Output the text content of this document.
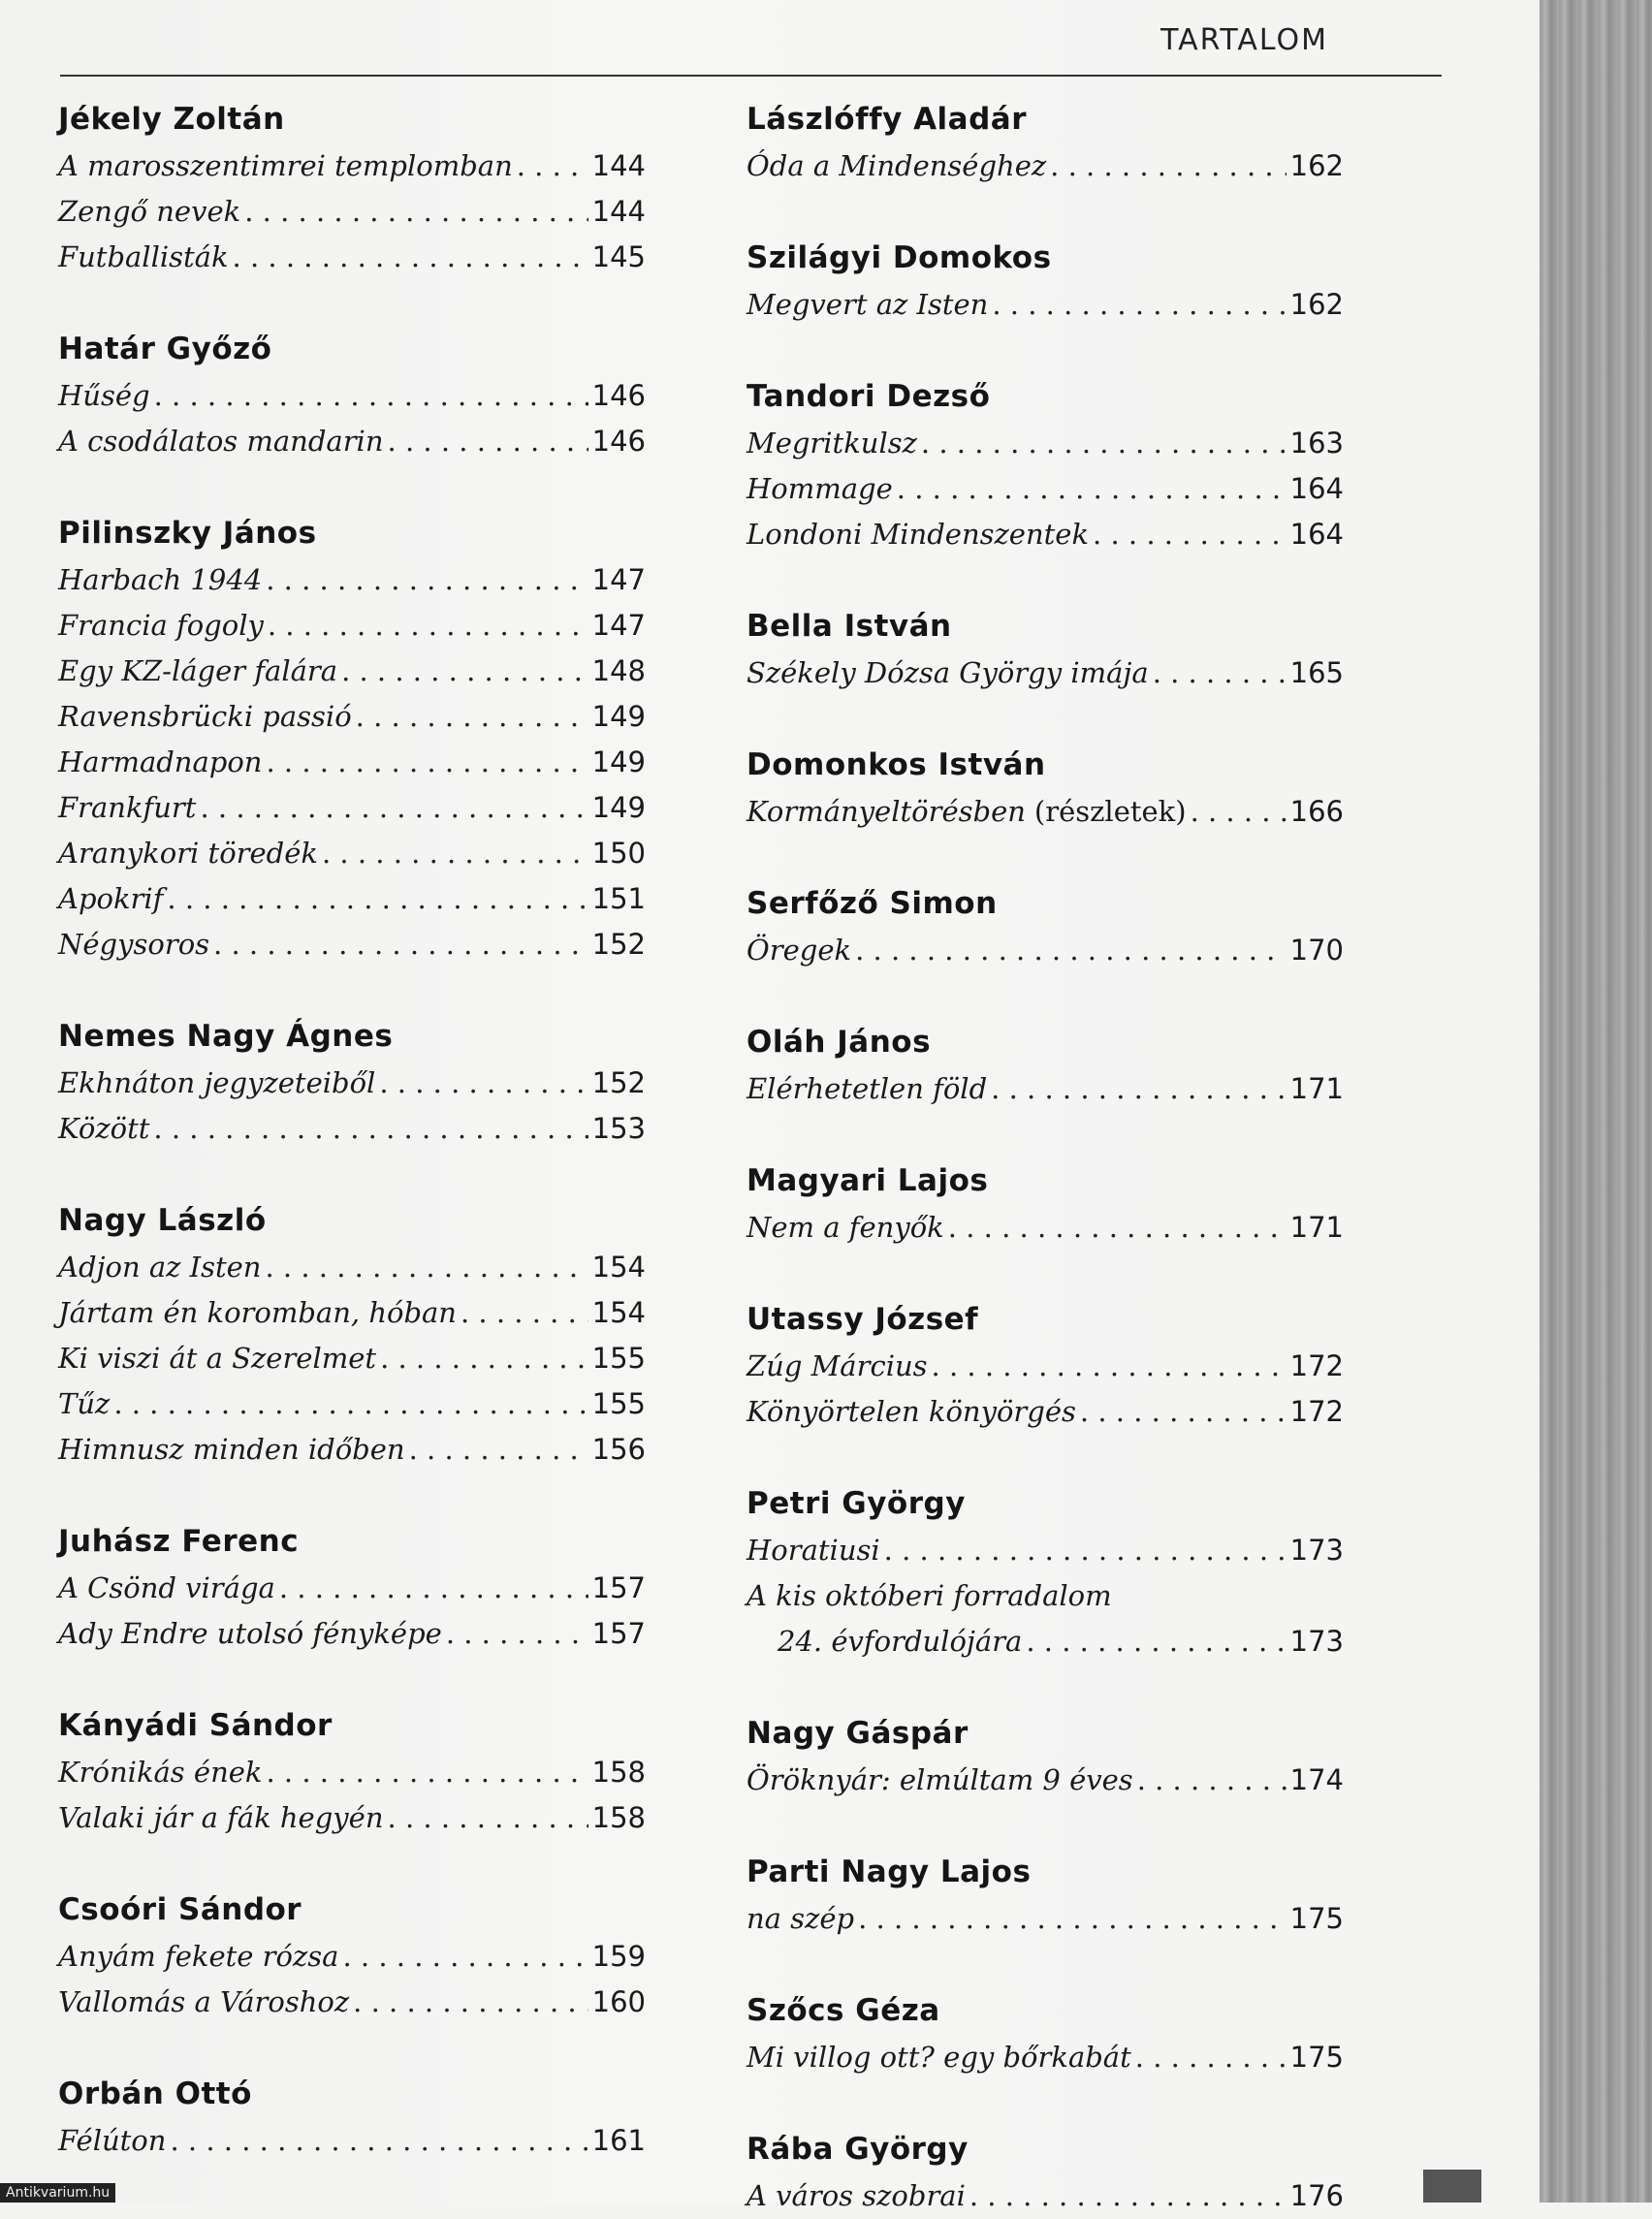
TARTALOM
Jékely Zoltán
A marosszentimrei templomban . . .	144
Zengő nevek . . .	144
Futballisták . . .	145
Határ Győző
Hűség . . .	146
A csodálatos mandarin . . .	146
Pilinszky János
Harbach 1944 . . .	147
Francia fogoly . . .	147
Egy KZ-láger falára . . .	148
Ravensbrücki passió . . .	149
Harmadnapon . . .	149
Frankfurt . . .	149
Aranykori töredék . . .	150
Apokrif . . .	151
Négysoros . . .	152
Nemes Nagy Ágnes
Ekhnáton jegyzeteiből . . .	152
Között . . .	153
Nagy László
Adjon az Isten . . .	154
Jártam én koromban, hóban . . .	154
Ki viszi át a Szerelmet . . .	155
Tűz . . .	155
Himnusz minden időben . . .	156
Juhász Ferenc
A Csönd virága . . .	157
Ady Endre utolsó fényképe . . .	157
Kányádi Sándor
Krónikás ének . . .	158
Valaki jár a fák hegyén . . .	158
Csoóri Sándor
Anyám fekete rózsa . . .	159
Vallomás a Városhoz . . .	160
Orbán Ottó
Félúton . . .	161
Lászlóffy Aladár
Óda a Mindenséghez . . .	162
Szilágyi Domokos
Megvert az Isten . . .	162
Tandori Dezső
Megritkulsz . . .	163
Hommage . . .	164
Londoni Mindenszentek . . .	164
Bella István
Székely Dózsa György imája . . .	165
Domonkos István
Kormányeltörésben (részletek) . . .	166
Serfőző Simon
Öregek . . .	170
Oláh János
Elérhetetlen föld . . .	171
Magyari Lajos
Nem a fenyők . . .	171
Utassy József
Zúg Március . . .	172
Könyörtelen könyörgés . . .	172
Petri György
Horatiusi . . .	173
A kis októberi forradalom
24. évfordulójára . . .	173
Nagy Gáspár
Öröknyár: elmúltam 9 éves . . .	174
Parti Nagy Lajos
na szép . . .	175
Szőcs Géza
Mi villog ott? egy bőrkabát . . .	175
Rába György
A város szobrai . . .	176
Antikvarium.hu
